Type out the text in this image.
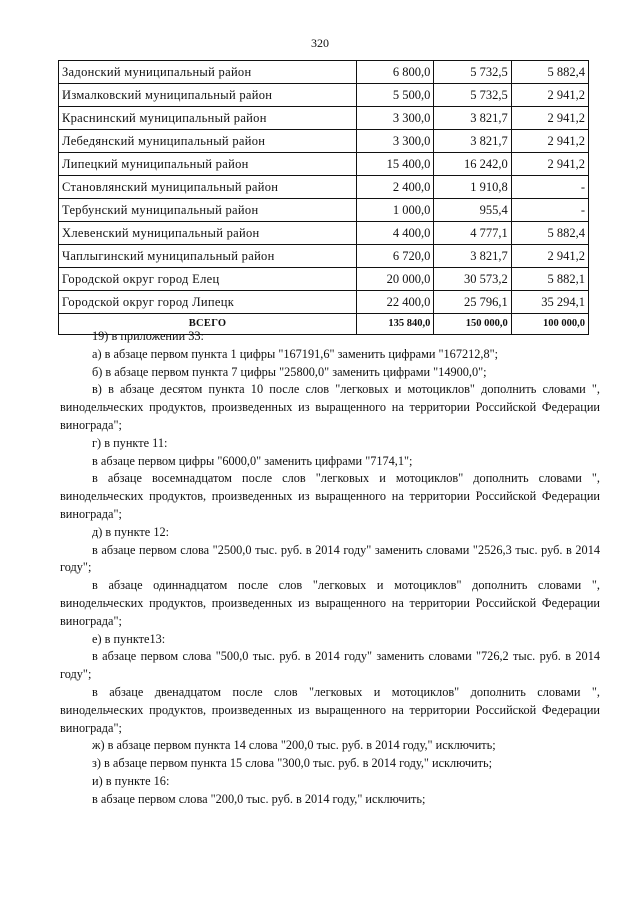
320
Задонский муниципальный район	6 800,0	5 732,5	5 882,4
Измалковский муниципальный район	5 500,0	5 732,5	2 941,2
Краснинский муниципальный район	3 300,0	3 821,7	2 941,2
Лебедянский муниципальный район	3 300,0	3 821,7	2 941,2
Липецкий муниципальный район	15 400,0	16 242,0	2 941,2
Становлянский муниципальный район	2 400,0	1 910,8	-
Тербунский муниципальный район	1 000,0	955,4	-
Хлевенский муниципальный район	4 400,0	4 777,1	5 882,4
Чаплыгинский муниципальный район	6 720,0	3 821,7	2 941,2
Городской округ город Елец	20 000,0	30 573,2	5 882,1
Городской округ город Липецк	22 400,0	25 796,1	35 294,1
ВСЕГО	135 840,0	150 000,0	100 000,0

19) в приложении 33:

а) в абзаце первом пункта 1 цифры "167191,6" заменить цифрами "167212,8";

б) в абзаце первом пункта 7 цифры "25800,0" заменить цифрами "14900,0";

в) в абзаце десятом пункта 10 после слов "легковых и мотоциклов" дополнить словами ", винодельческих продуктов, произведенных из выращенного на территории Российской Федерации винограда";

г) в пункте 11:

в абзаце первом цифры "6000,0" заменить цифрами "7174,1";

в абзаце восемнадцатом после слов "легковых и мотоциклов" дополнить словами ", винодельческих продуктов, произведенных из выращенного на территории Российской Федерации винограда";

д) в пункте 12:

в абзаце первом слова "2500,0 тыс. руб. в 2014 году" заменить словами "2526,3 тыс. руб. в 2014 году";

в абзаце одиннадцатом после слов "легковых и мотоциклов" дополнить словами ", винодельческих продуктов, произведенных из выращенного на территории Российской Федерации винограда";

е) в пункте13:

в абзаце первом слова "500,0 тыс. руб. в 2014 году" заменить словами "726,2 тыс. руб. в 2014 году";

в абзаце двенадцатом после слов "легковых и мотоциклов" дополнить словами ", винодельческих продуктов, произведенных из выращенного на территории Российской Федерации винограда";

ж) в абзаце первом пункта 14 слова "200,0 тыс. руб. в 2014 году," исключить;

з) в абзаце первом пункта 15 слова "300,0 тыс. руб. в 2014 году," исключить;

и) в пункте 16:

в абзаце первом слова "200,0 тыс. руб. в 2014 году," исключить;
